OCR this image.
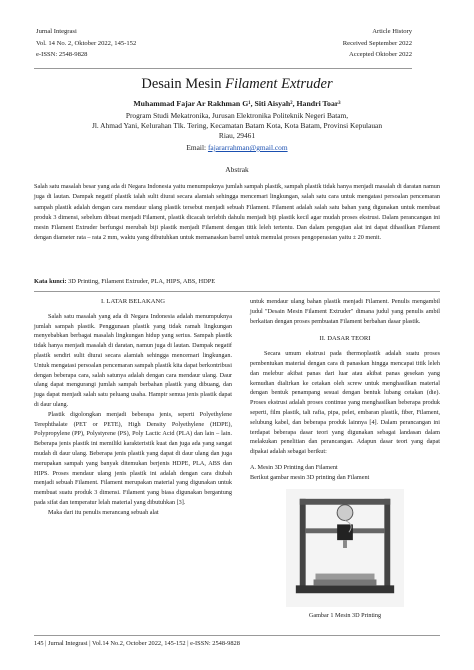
Jurnal Integrasi
Vol. 14 No. 2, Oktober 2022, 145-152
e-ISSN: 2548-9828
Article History
Received September 2022
Accepted Oktober 2022
Desain Mesin Filament Extruder
Muhammad Fajar Ar Rakhman G¹, Siti Aisyah², Handri Toar³
Program Studi Mekatronika, Jurusan Elektronika Politeknik Negeri Batam,
Jl. Ahmad Yani, Kelurahan Tlk. Tering, Kecamatan Batam Kota, Kota Batam, Provinsi Kepulauan
Riau, 29461
Email: fajararrahman@gmail.com
Abstrak
Salah satu masalah besar yang ada di Negara Indonesia yaitu menumpuknya jumlah sampah plastik, sampah plastik tidak hanya menjadi masalah di daratan namun juga di lautan. Dampak negatif plastik ialah sulit diurai secara alamiah sehingga mencemari lingkungan, salah satu cara untuk mengatasi persoalan pencemaran sampah plastik adalah dengan cara mendaur ulang plastik tersebut menjadi sebuah Filament. Filament adalah salah satu bahan yang digunakan untuk membuat produk 3 dimensi, sebelum dibuat menjadi Filament, plastik dicacah terlebih dahulu menjadi biji plastik kecil agar mudah proses ekstrusi. Dalam perancangan ini mesin Filament Extruder berfungsi merubah biji plastik menjadi Filament dengan titik leleh tertentu. Dan dalam pengujian alat ini dapat dihasilkan Filament dengan diameter rata – rata 2 mm, waktu yang dibutuhkan untuk memanaskan barrel untuk memulai proses pengoperasian yaitu ± 20 menit.
Kata kunci: 3D Printing, Filament Extruder, PLA, HIPS, ABS, HDPE
I. LATAR BELAKANG

Salah satu masalah yang ada di Negara Indonesia adalah menumpuknya jumlah sampah plastik. Penggunaan plastik yang tidak ramah lingkungan menyebabkan berbagai masalah lingkungan hidup yang serius. Sampah plastik tidak hanya menjadi masalah di daratan, namun juga di lautan. Dampak negatif plastik sendiri sulit diurai secara alamiah sehingga mencemari lingkungan. Untuk mengatasi persoalan pencemaran sampah plastik kita dapat berkontribusi dengan beberapa cara, salah satunya adalah dengan cara mendaur ulang. Daur ulang dapat mengurangi jumlah sampah berbahan plastik yang dibuang, dan juga dapat menjadi salah satu peluang usaha. Hampir semua jenis plastik dapat di daur ulang.

Plastik digolongkan menjadi beberapa jenis, seperti Polyethylene Terephthalate (PET or PETE), High Density Polyethylene (HDPE), Polypropylene (PP), Polystyrene (PS), Poly Lactic Acid (PLA) dan lain – lain. Beberapa jenis plastik ini memiliki karakteristik kuat dan juga ada yang sangat mudah di daur ulang. Beberapa jenis plastik yang dapat di daur ulang dan juga merupakan sampah yang banyak ditemukan berjenis HDPE, PLA, ABS dan HIPS. Proses mendaur ulang jenis plastik ini adalah dengan cara diubah menjadi sebuah Filament. Filament merupakan material yang digunakan untuk membuat suatu produk 3 dimensi. Filament yang biasa digunakan bergantung pada sifat dan temperatur lelah material yang dibutuhkan [3].

Maka dari itu penulis merancang sebuah alat

untuk mendaur ulang bahan plastik menjadi Filament. Penulis mengambil judul "Desain Mesin Filament Extruder" dimana judul yang penulis ambil berkaitan dengan proses pembuatan Filament berbahan dasar plastik.

II. DASAR TEORI

Secara umum ekstrusi pada thermoplastik adalah suatu proses pembentukan material dengan cara di panaskan hingga mencapai titik leleh dan melebur akibat panas dari luar atau akibat panas gesekan yang kemudian dialirkan ke cetakan oleh screw untuk menghasilkan material dengan bentuk penampang sesuai dengan bentuk lubang cetakan (die). Proses ekstrusi adalah proses continue yang menghasilkan beberapa produk seperti, film plastik, tali rafia, pipa, pelet, embaran plastik, fiber, Filament, selubung kabel, dan beberapa produk lainnya [4]. Dalam perancangan ini terdapat beberapa dasar teori yang digunakan sebagai landasan dalam melakukan penelitian dan perancangan. Adapun dasar teori yang dapat dipakai adalah sebagai berikut:

A. Mesin 3D Printing dan Filament

Berikut gambar mesin 3D printing dan Filament

Gambar 1 Mesin 3D Printing
145 | Jurnal Integrasi | Vol.14 No.2, October 2022, 145-152 | e-ISSN: 2548-9828
